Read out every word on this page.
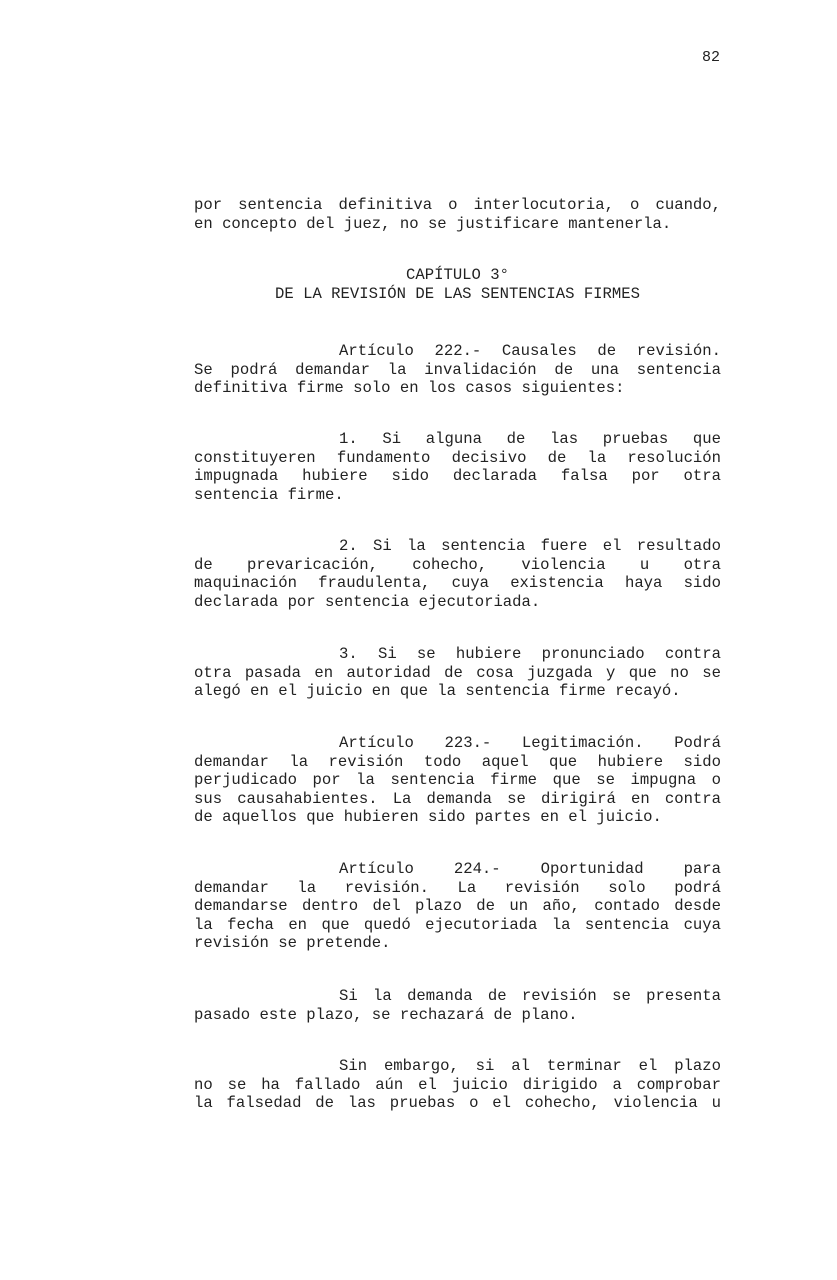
82
por sentencia definitiva o interlocutoria, o cuando,
en concepto del juez, no se justificare mantenerla.
CAPÍTULO 3°
DE LA REVISIÓN DE LAS SENTENCIAS FIRMES
Artículo 222.- Causales de revisión.
Se podrá demandar la invalidación de una sentencia
definitiva firme solo en los casos siguientes:
1. Si alguna de las pruebas que
constituyeren fundamento decisivo de la resolución
impugnada hubiere sido declarada falsa por otra
sentencia firme.
2. Si la sentencia fuere el resultado
de prevaricación, cohecho, violencia u otra
maquinación fraudulenta, cuya existencia haya sido
declarada por sentencia ejecutoriada.
3. Si se hubiere pronunciado contra
otra pasada en autoridad de cosa juzgada y que no se
alegó en el juicio en que la sentencia firme recayó.
Artículo 223.- Legitimación. Podrá
demandar la revisión todo aquel que hubiere sido
perjudicado por la sentencia firme que se impugna o
sus causahabientes. La demanda se dirigirá en contra
de aquellos que hubieren sido partes en el juicio.
Artículo 224.- Oportunidad para
demandar la revisión. La revisión solo podrá
demandarse dentro del plazo de un año, contado desde
la fecha en que quedó ejecutoriada la sentencia cuya
revisión se pretende.
Si la demanda de revisión se presenta
pasado este plazo, se rechazará de plano.
Sin embargo, si al terminar el plazo
no se ha fallado aún el juicio dirigido a comprobar
la falsedad de las pruebas o el cohecho, violencia u
